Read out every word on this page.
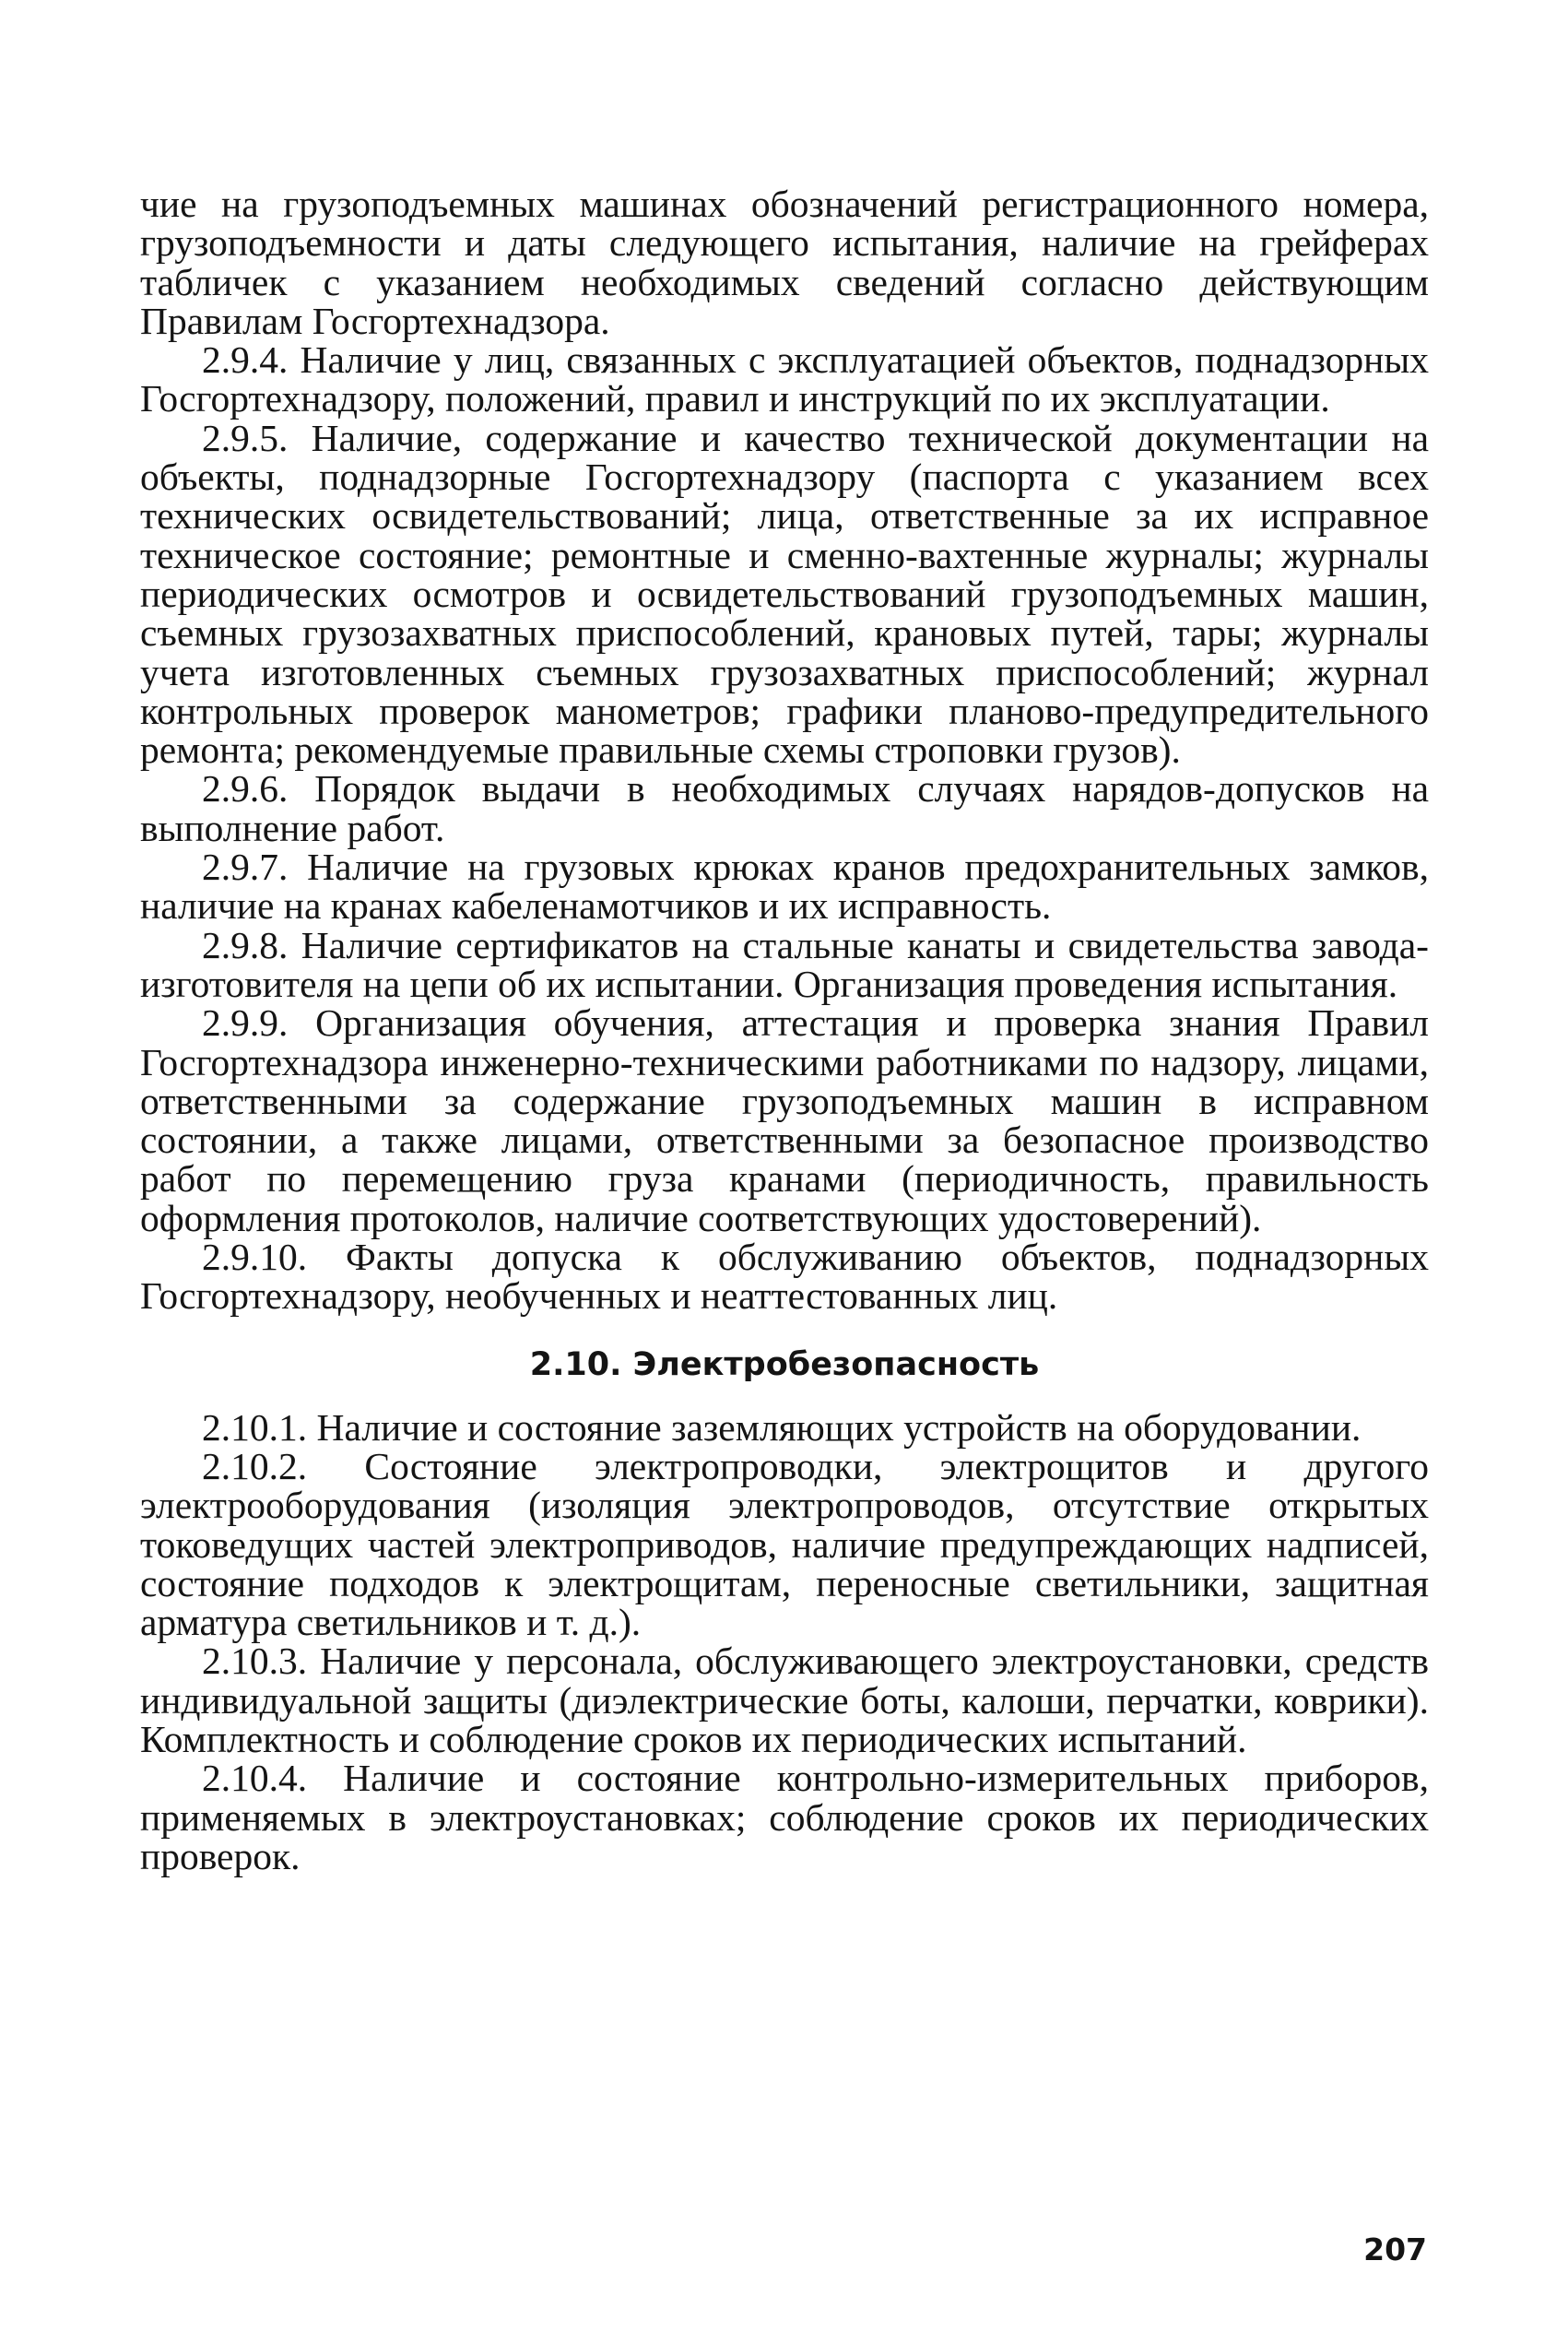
чие на грузоподъемных машинах обозначений регистрационного номера, грузоподъемности и даты следующего испытания, наличие на грейферах табличек с указанием необходимых сведений согласно действующим Правилам Госгортехнадзора.

2.9.4. Наличие у лиц, связанных с эксплуатацией объектов, поднадзорных Госгортехнадзору, положений, правил и инструкций по их эксплуатации.

2.9.5. Наличие, содержание и качество технической документации на объекты, поднадзорные Госгортехнадзору (паспорта с указанием всех технических освидетельствований; лица, ответственные за их исправное техническое состояние; ремонтные и сменно-вахтенные журналы; журналы периодических осмотров и освидетельствований грузоподъемных машин, съемных грузозахватных приспособлений, крановых путей, тары; журналы учета изготовленных съемных грузозахватных приспособлений; журнал контрольных проверок манометров; графики планово-предупредительного ремонта; рекомендуемые правильные схемы строповки грузов).

2.9.6. Порядок выдачи в необходимых случаях нарядов-допусков на выполнение работ.

2.9.7. Наличие на грузовых крюках кранов предохранительных замков, наличие на кранах кабеленамотчиков и их исправность.

2.9.8. Наличие сертификатов на стальные канаты и свидетельства завода-изготовителя на цепи об их испытании. Организация проведения испытания.

2.9.9. Организация обучения, аттестация и проверка знания Правил Госгортехнадзора инженерно-техническими работниками по надзору, лицами, ответственными за содержание грузоподъемных машин в исправном состоянии, а также лицами, ответственными за безопасное производство работ по перемещению груза кранами (периодичность, правильность оформления протоколов, наличие соответствующих удостоверений).

2.9.10. Факты допуска к обслуживанию объектов, поднадзорных Госгортехнадзору, необученных и неаттестованных лиц.

2.10. Электробезопасность

2.10.1. Наличие и состояние заземляющих устройств на оборудовании.

2.10.2. Состояние электропроводки, электрощитов и другого электрооборудования (изоляция электропроводов, отсутствие открытых токоведущих частей электроприводов, наличие предупреждающих надписей, состояние подходов к электрощитам, переносные светильники, защитная арматура светильников и т. д.).

2.10.3. Наличие у персонала, обслуживающего электроустановки, средств индивидуальной защиты (диэлектрические боты, калоши, перчатки, коврики). Комплектность и соблюдение сроков их периодических испытаний.

2.10.4. Наличие и состояние контрольно-измерительных приборов, применяемых в электроустановках; соблюдение сроков их периодических проверок.

207
